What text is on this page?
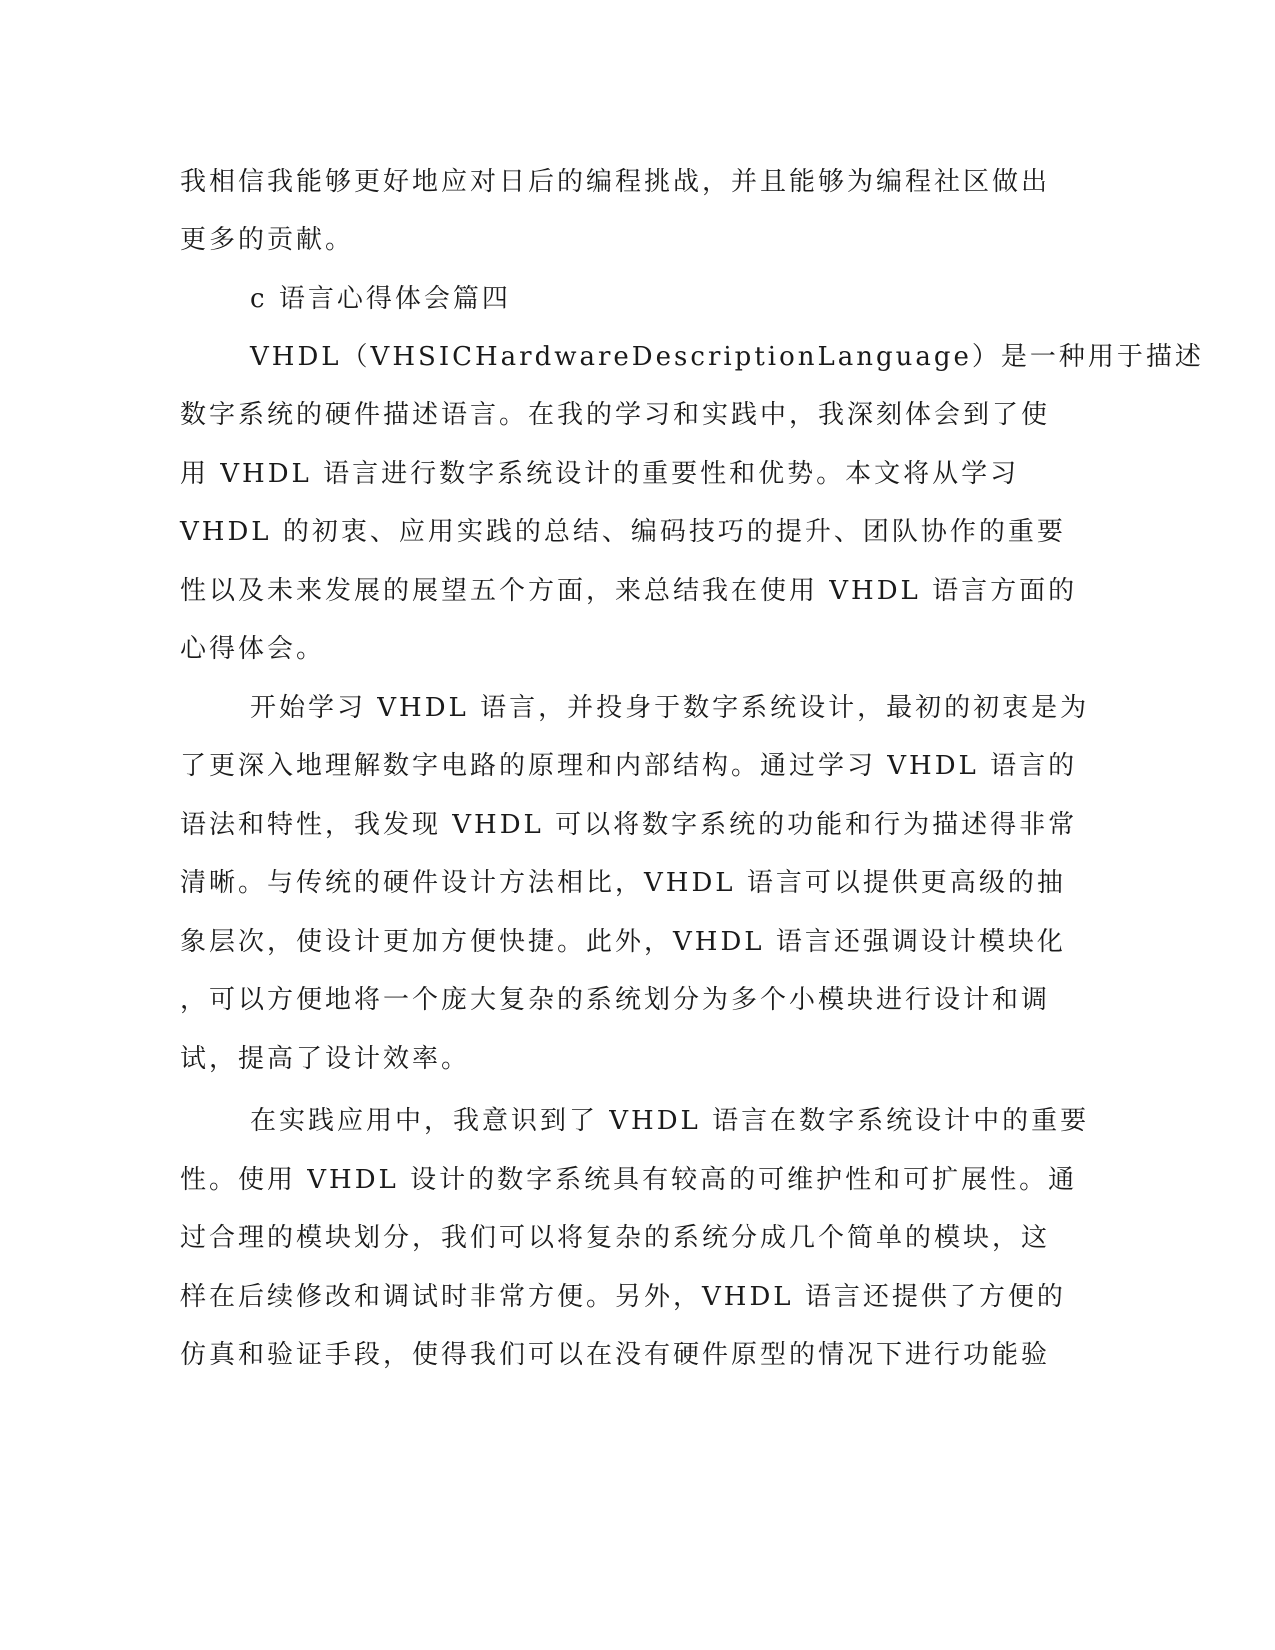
我相信我能够更好地应对日后的编程挑战，并且能够为编程社区做出

更多的贡献。

c 语言心得体会篇四

VHDL（VHSICHardwareDescriptionLanguage）是一种用于描述

数字系统的硬件描述语言。在我的学习和实践中，我深刻体会到了使

用 VHDL 语言进行数字系统设计的重要性和优势。本文将从学习

VHDL 的初衷、应用实践的总结、编码技巧的提升、团队协作的重要

性以及未来发展的展望五个方面，来总结我在使用 VHDL 语言方面的

心得体会。

开始学习 VHDL 语言，并投身于数字系统设计，最初的初衷是为

了更深入地理解数字电路的原理和内部结构。通过学习 VHDL 语言的

语法和特性，我发现 VHDL 可以将数字系统的功能和行为描述得非常

清晰。与传统的硬件设计方法相比，VHDL 语言可以提供更高级的抽

象层次，使设计更加方便快捷。此外，VHDL 语言还强调设计模块化

，可以方便地将一个庞大复杂的系统划分为多个小模块进行设计和调

试，提高了设计效率。

在实践应用中，我意识到了 VHDL 语言在数字系统设计中的重要

性。使用 VHDL 设计的数字系统具有较高的可维护性和可扩展性。通

过合理的模块划分，我们可以将复杂的系统分成几个简单的模块，这

样在后续修改和调试时非常方便。另外，VHDL 语言还提供了方便的

仿真和验证手段，使得我们可以在没有硬件原型的情况下进行功能验
